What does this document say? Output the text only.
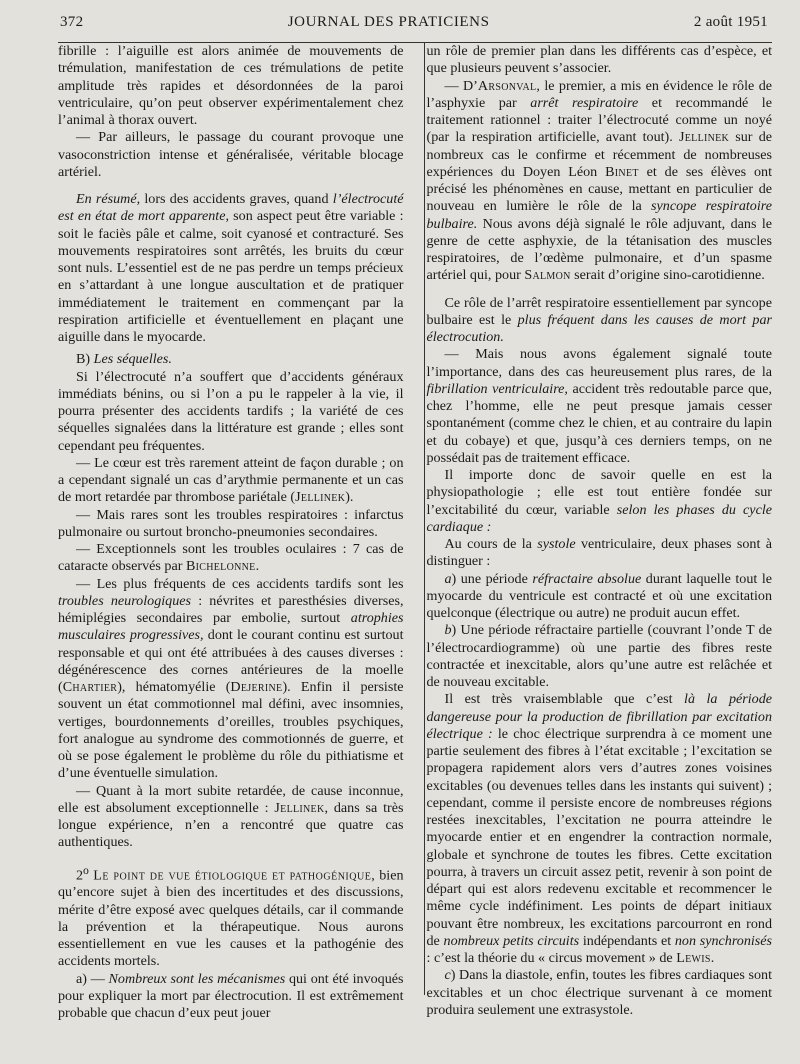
372	JOURNAL DES PRATICIENS	2 août 1951

fibrille : l’aiguille est alors animée de mouvements de trémulation, manifestation de ces trémulations de petite amplitude très rapides et désordonnées de la paroi ventriculaire, qu’on peut observer expérimentalement chez l’animal à thorax ouvert.

— Par ailleurs, le passage du courant provoque une vasoconstriction intense et généralisée, véritable blocage artériel.

En résumé, lors des accidents graves, quand l’électrocuté est en état de mort apparente, son aspect peut être variable : soit le faciès pâle et calme, soit cyanosé et contracturé. Ses mouvements respiratoires sont arrêtés, les bruits du cœur sont nuls. L’essentiel est de ne pas perdre un temps précieux en s’attardant à une longue auscultation et de pratiquer immédiatement le traitement en commençant par la respiration artificielle et éventuellement en plaçant une aiguille dans le myocarde.

B) Les séquelles.

Si l’électrocuté n’a souffert que d’accidents généraux immédiats bénins, ou si l’on a pu le rappeler à la vie, il pourra présenter des accidents tardifs ; la variété de ces séquelles signalées dans la littérature est grande ; elles sont cependant peu fréquentes.

— Le cœur est très rarement atteint de façon durable ; on a cependant signalé un cas d’arythmie permanente et un cas de mort retardée par thrombose pariétale (Jellinek).

— Mais rares sont les troubles respiratoires : infarctus pulmonaire ou surtout broncho-pneumonies secondaires.

— Exceptionnels sont les troubles oculaires : 7 cas de cataracte observés par Bichelonne.

— Les plus fréquents de ces accidents tardifs sont les troubles neurologiques : névrites et paresthésies diverses, hémiplégies secondaires par embolie, surtout atrophies musculaires progressives, dont le courant continu est surtout responsable et qui ont été attribuées à des causes diverses : dégénérescence des cornes antérieures de la moelle (Chartier), hématomyélie (Dejerine). Enfin il persiste souvent un état commotionnel mal défini, avec insomnies, vertiges, bourdonnements d’oreilles, troubles psychiques, fort analogue au syndrome des commotionnés de guerre, et où se pose également le problème du rôle du pithiatisme et d’une éventuelle simulation.

— Quant à la mort subite retardée, de cause inconnue, elle est absolument exceptionnelle : Jellinek, dans sa très longue expérience, n’en a rencontré que quatre cas authentiques.

2$^o$ Le point de vue étiologique et pathogénique, bien qu’encore sujet à bien des incertitudes et des discussions, mérite d’être exposé avec quelques détails, car il commande la prévention et la thérapeutique. Nous aurons essentiellement en vue les causes et la pathogénie des accidents mortels.

a) — Nombreux sont les mécanismes qui ont été invoqués pour expliquer la mort par électrocution. Il est extrêmement probable que chacun d’eux peut jouer

un rôle de premier plan dans les différents cas d’espèce, et que plusieurs peuvent s’associer.

— D’Arsonval, le premier, a mis en évidence le rôle de l’asphyxie par arrêt respiratoire et recommandé le traitement rationnel : traiter l’électrocuté comme un noyé (par la respiration artificielle, avant tout). Jellinek sur de nombreux cas le confirme et récemment de nombreuses expériences du Doyen Léon Binet et de ses élèves ont précisé les phénomènes en cause, mettant en particulier de nouveau en lumière le rôle de la syncope respiratoire bulbaire. Nous avons déjà signalé le rôle adjuvant, dans le genre de cette asphyxie, de la tétanisation des muscles respiratoires, de l’œdème pulmonaire, et d’un spasme artériel qui, pour Salmon serait d’origine sino-carotidienne.

Ce rôle de l’arrêt respiratoire essentiellement par syncope bulbaire est le plus fréquent dans les causes de mort par électrocution.

— Mais nous avons également signalé toute l’importance, dans des cas heureusement plus rares, de la fibrillation ventriculaire, accident très redoutable parce que, chez l’homme, elle ne peut presque jamais cesser spontanément (comme chez le chien, et au contraire du lapin et du cobaye) et que, jusqu’à ces derniers temps, on ne possédait pas de traitement efficace.

Il importe donc de savoir quelle en est la physiopathologie ; elle est tout entière fondée sur l’excitabilité du cœur, variable selon les phases du cycle cardiaque :

Au cours de la systole ventriculaire, deux phases sont à distinguer :

a) une période réfractaire absolue durant laquelle tout le myocarde du ventricule est contracté et où une excitation quelconque (électrique ou autre) ne produit aucun effet.

b) Une période réfractaire partielle (couvrant l’onde T de l’électrocardiogramme) où une partie des fibres reste contractée et inexcitable, alors qu’une autre est relâchée et de nouveau excitable.

Il est très vraisemblable que c’est là la période dangereuse pour la production de fibrillation par excitation électrique : le choc électrique surprendra à ce moment une partie seulement des fibres à l’état excitable ; l’excitation se propagera rapidement alors vers d’autres zones voisines excitables (ou devenues telles dans les instants qui suivent) ; cependant, comme il persiste encore de nombreuses régions restées inexcitables, l’excitation ne pourra atteindre le myocarde entier et en engendrer la contraction normale, globale et synchrone de toutes les fibres. Cette excitation pourra, à travers un circuit assez petit, revenir à son point de départ qui est alors redevenu excitable et recommencer le même cycle indéfiniment. Les points de départ initiaux pouvant être nombreux, les excitations parcourront en rond de nombreux petits circuits indépendants et non synchronisés : c’est la théorie du « circus movement » de Lewis.

c) Dans la diastole, enfin, toutes les fibres cardiaques sont excitables et un choc électrique survenant à ce moment produira seulement une extrasystole.
